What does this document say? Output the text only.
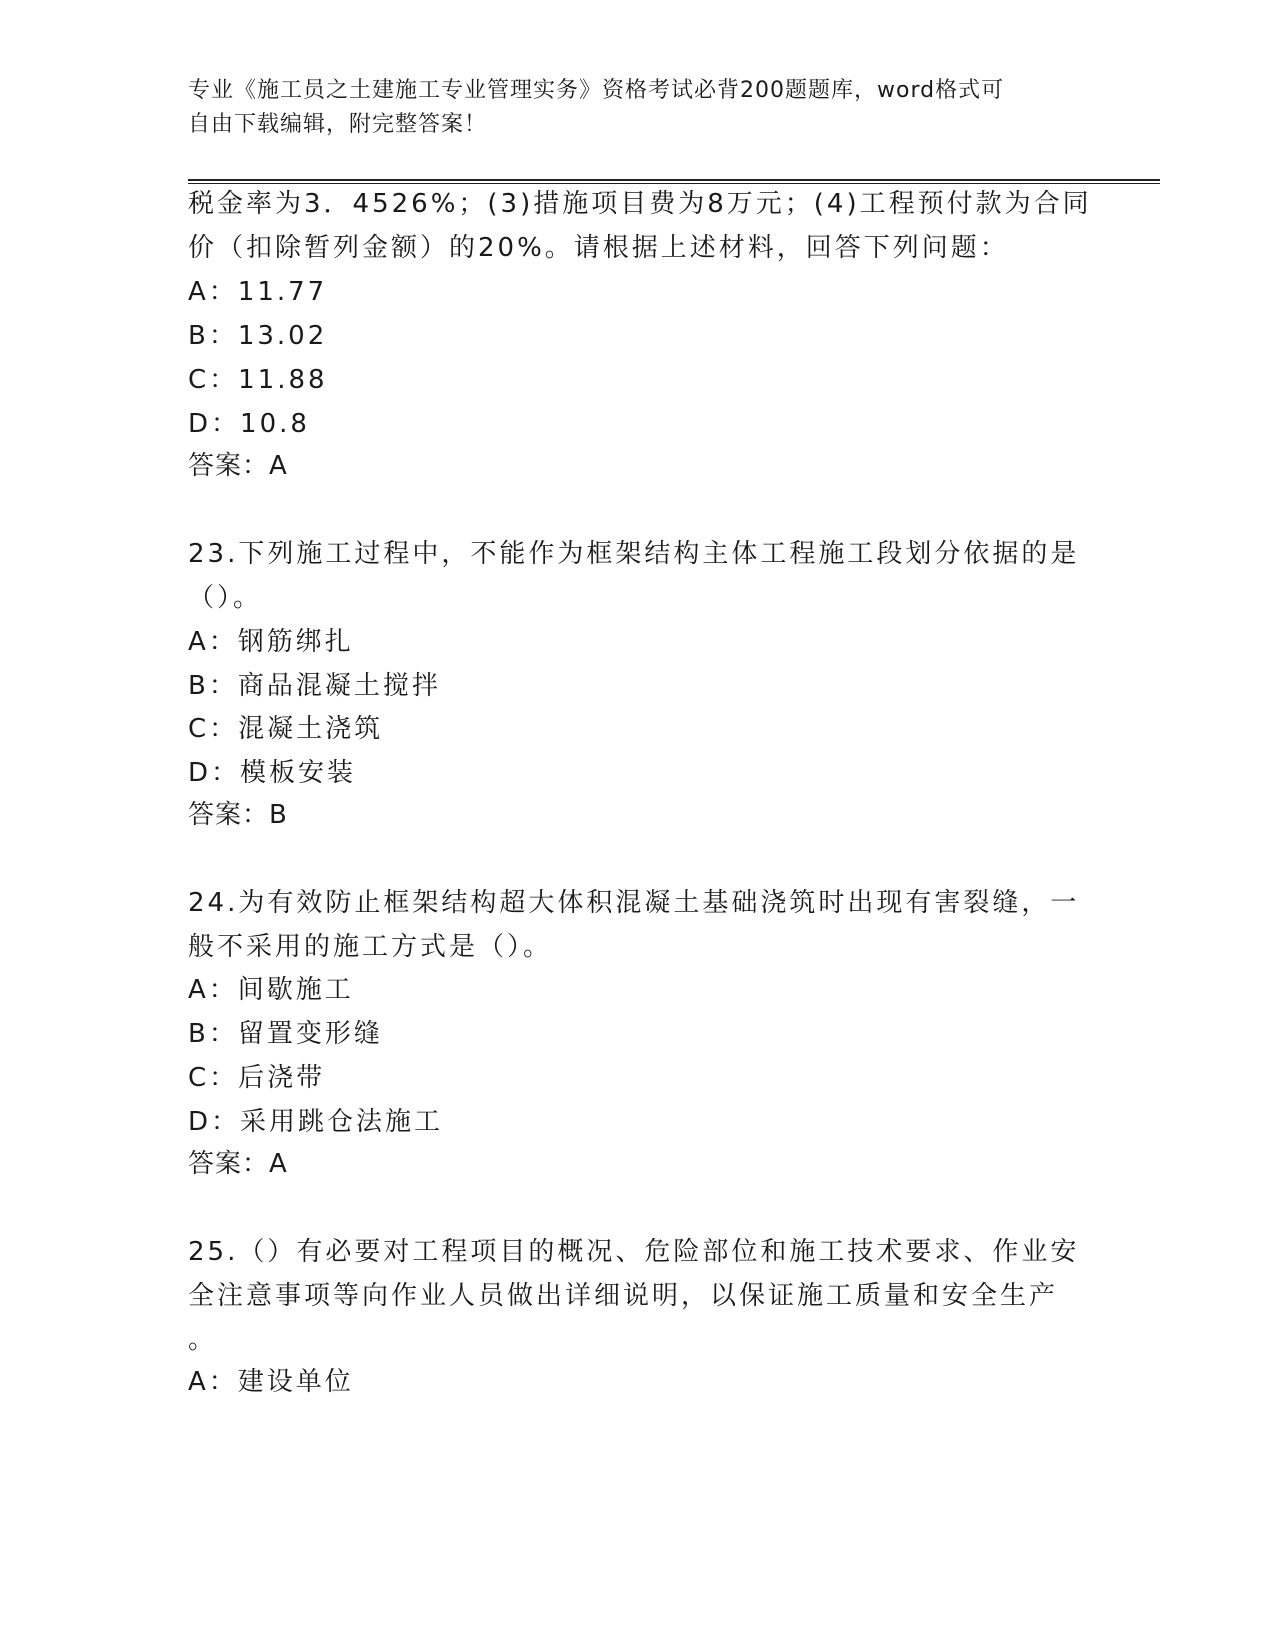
专业《施工员之土建施工专业管理实务》资格考试必背200题题库，word格式可
自由下载编辑，附完整答案！

税金率为3．4526%；(3)措施项目费为8万元；(4)工程预付款为合同

价（扣除暂列金额）的20%。请根据上述材料，回答下列问题：

A：11.77

B：13.02

C：11.88

D：10.8

答案：A

23.下列施工过程中，不能作为框架结构主体工程施工段划分依据的是

（）。

A：钢筋绑扎

B：商品混凝土搅拌

C：混凝土浇筑

D：模板安装

答案：B

24.为有效防止框架结构超大体积混凝土基础浇筑时出现有害裂缝，一

般不采用的施工方式是（）。

A：间歇施工

B：留置变形缝

C：后浇带

D：采用跳仓法施工

答案：A

25.（）有必要对工程项目的概况、危险部位和施工技术要求、作业安

全注意事项等向作业人员做出详细说明，以保证施工质量和安全生产

。

A：建设单位
